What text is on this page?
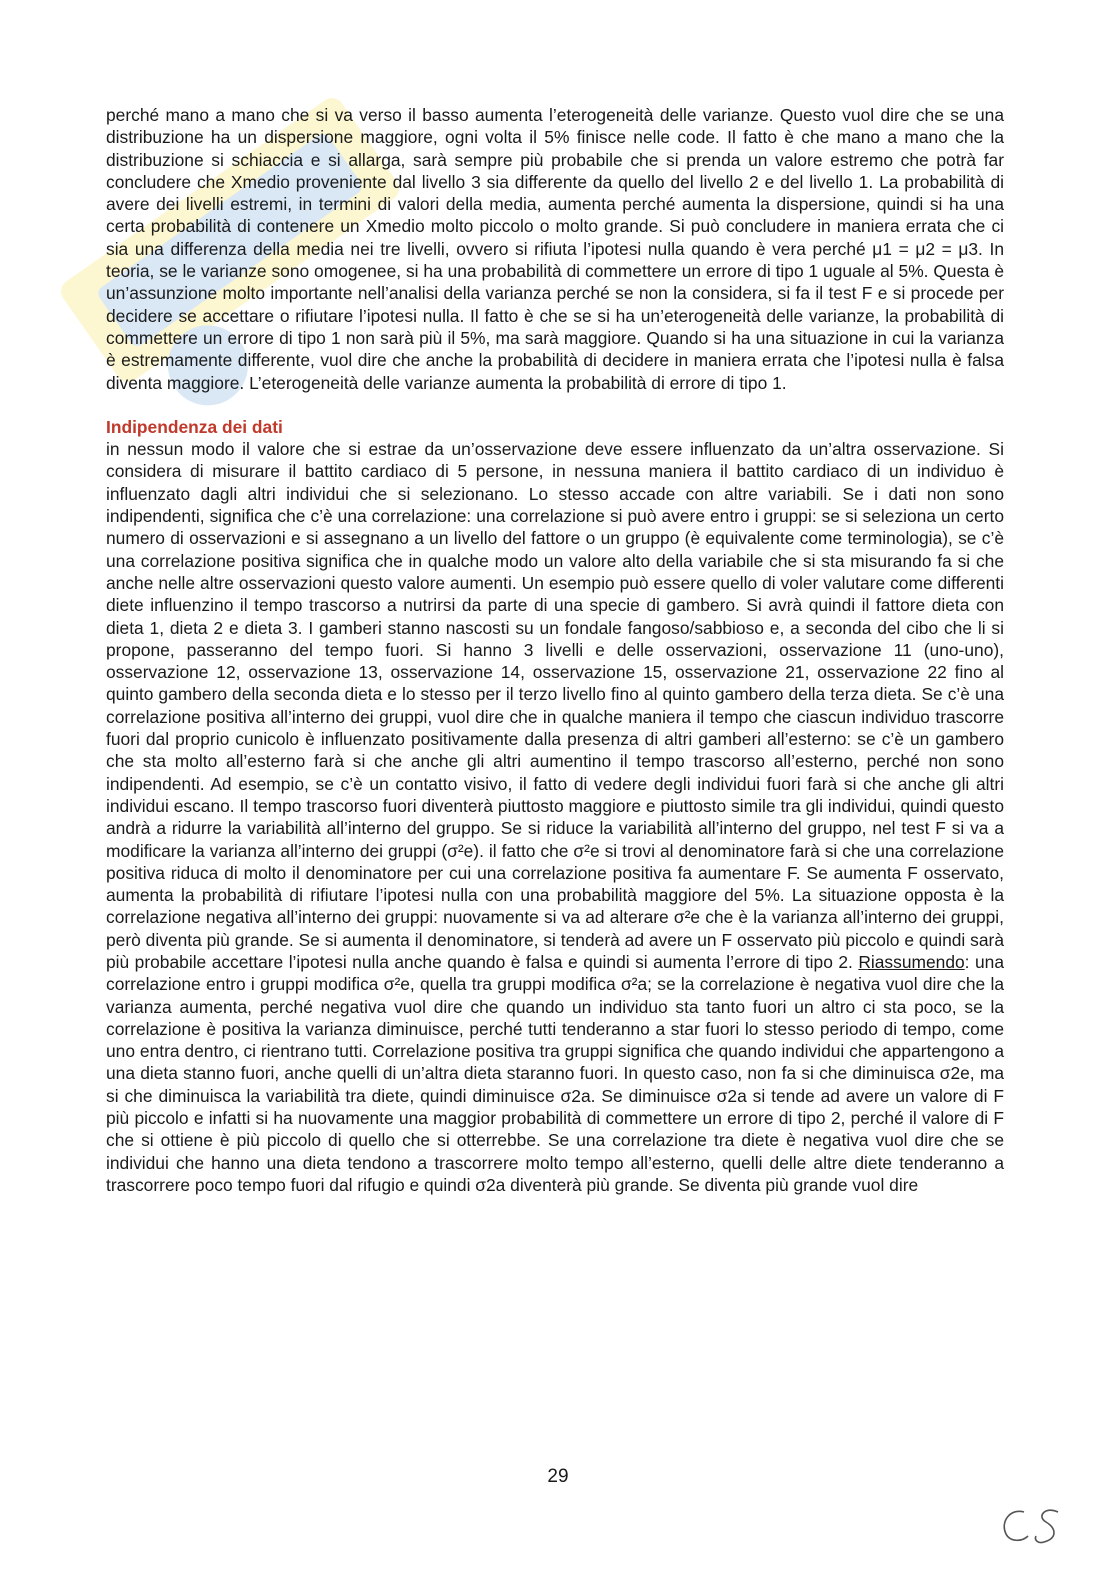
perché mano a mano che si va verso il basso aumenta l’eterogeneità delle varianze. Questo vuol dire che se una distribuzione ha un dispersione maggiore, ogni volta il 5% finisce nelle code. Il fatto è che mano a mano che la distribuzione si schiaccia e si allarga, sarà sempre più probabile che si prenda un valore estremo che potrà far concludere che Xmedio proveniente dal livello 3 sia differente da quello del livello 2 e del livello 1. La probabilità di avere dei livelli estremi, in termini di valori della media, aumenta perché aumenta la dispersione, quindi si ha una certa probabilità di contenere un Xmedio molto piccolo o molto grande. Si può concludere in maniera errata che ci sia una differenza della media nei tre livelli, ovvero si rifiuta l’ipotesi nulla quando è vera perché μ1 = μ2 = μ3. In teoria, se le varianze sono omogenee, si ha una probabilità di commettere un errore di tipo 1 uguale al 5%. Questa è un’assunzione molto importante nell’analisi della varianza perché se non la considera, si fa il test F e si procede per decidere se accettare o rifiutare l’ipotesi nulla. Il fatto è che se si ha un’eterogeneità delle varianze, la probabilità di commettere un errore di tipo 1 non sarà più il 5%, ma sarà maggiore. Quando si ha una situazione in cui la varianza è estremamente differente, vuol dire che anche la probabilità di decidere in maniera errata che l’ipotesi nulla è falsa diventa maggiore. L’eterogeneità delle varianze aumenta la probabilità di errore di tipo 1.

Indipendenza dei dati

in nessun modo il valore che si estrae da un’osservazione deve essere influenzato da un’altra osservazione. Si considera di misurare il battito cardiaco di 5 persone, in nessuna maniera il battito cardiaco di un individuo è influenzato dagli altri individui che si selezionano. Lo stesso accade con altre variabili. Se i dati non sono indipendenti, significa che c’è una correlazione: una correlazione si può avere entro i gruppi: se si seleziona un certo numero di osservazioni e si assegnano a un livello del fattore o un gruppo (è equivalente come terminologia), se c’è una correlazione positiva significa che in qualche modo un valore alto della variabile che si sta misurando fa si che anche nelle altre osservazioni questo valore aumenti. Un esempio può essere quello di voler valutare come differenti diete influenzino il tempo trascorso a nutrirsi da parte di una specie di gambero. Si avrà quindi il fattore dieta con dieta 1, dieta 2 e dieta 3. I gamberi stanno nascosti su un fondale fangoso/sabbioso e, a seconda del cibo che li si propone, passeranno del tempo fuori. Si hanno 3 livelli e delle osservazioni, osservazione 11 (uno-uno), osservazione 12, osservazione 13, osservazione 14, osservazione 15, osservazione 21, osservazione 22 fino al quinto gambero della seconda dieta e lo stesso per il terzo livello fino al quinto gambero della terza dieta. Se c’è una correlazione positiva all’interno dei gruppi, vuol dire che in qualche maniera il tempo che ciascun individuo trascorre fuori dal proprio cunicolo è influenzato positivamente dalla presenza di altri gamberi all’esterno: se c’è un gambero che sta molto all’esterno farà si che anche gli altri aumentino il tempo trascorso all’esterno, perché non sono indipendenti. Ad esempio, se c’è un contatto visivo, il fatto di vedere degli individui fuori farà si che anche gli altri individui escano. Il tempo trascorso fuori diventerà piuttosto maggiore e piuttosto simile tra gli individui, quindi questo andrà a ridurre la variabilità all’interno del gruppo. Se si riduce la variabilità all’interno del gruppo, nel test F si va a modificare la varianza all’interno dei gruppi (σ²e). il fatto che σ²e si trovi al denominatore farà si che una correlazione positiva riduca di molto il denominatore per cui una correlazione positiva fa aumentare F. Se aumenta F osservato, aumenta la probabilità di rifiutare l’ipotesi nulla con una probabilità maggiore del 5%. La situazione opposta è la correlazione negativa all’interno dei gruppi: nuovamente si va ad alterare σ²e che è la varianza all’interno dei gruppi, però diventa più grande. Se si aumenta il denominatore, si tenderà ad avere un F osservato più piccolo e quindi sarà più probabile accettare l’ipotesi nulla anche quando è falsa e quindi si aumenta l’errore di tipo 2. Riassumendo: una correlazione entro i gruppi modifica σ²e, quella tra gruppi modifica σ²a; se la correlazione è negativa vuol dire che la varianza aumenta, perché negativa vuol dire che quando un individuo sta tanto fuori un altro ci sta poco, se la correlazione è positiva la varianza diminuisce, perché tutti tenderanno a star fuori lo stesso periodo di tempo, come uno entra dentro, ci rientrano tutti. Correlazione positiva tra gruppi significa che quando individui che appartengono a una dieta stanno fuori, anche quelli di un’altra dieta staranno fuori. In questo caso, non fa si che diminuisca σ2e, ma si che diminuisca la variabilità tra diete, quindi diminuisce σ2a. Se diminuisce σ2a si tende ad avere un valore di F più piccolo e infatti si ha nuovamente una maggior probabilità di commettere un errore di tipo 2, perché il valore di F che si ottiene è più piccolo di quello che si otterrebbe. Se una correlazione tra diete è negativa vuol dire che se individui che hanno una dieta tendono a trascorrere molto tempo all’esterno, quelli delle altre diete tenderanno a trascorrere poco tempo fuori dal rifugio e quindi σ2a diventerà più grande. Se diventa più grande vuol dire

29
